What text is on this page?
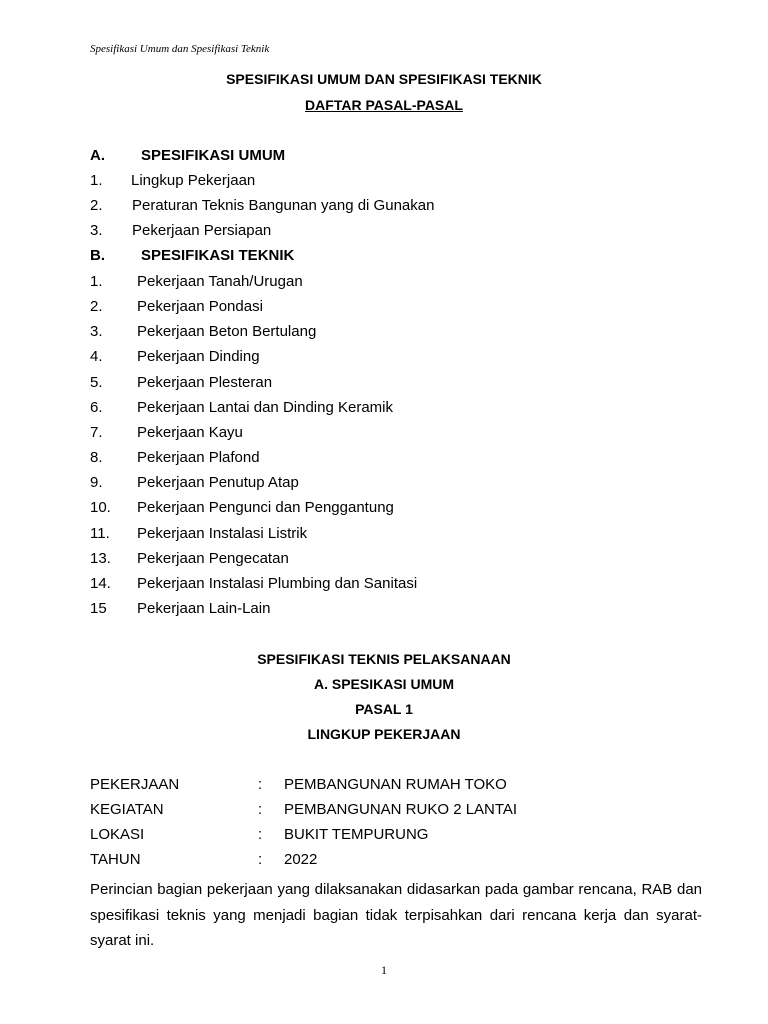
Spesifikasi Umum dan Spesifikasi Teknik
SPESIFIKASI UMUM DAN SPESIFIKASI TEKNIK
DAFTAR PASAL-PASAL
A. SPESIFIKASI UMUM
1. Lingkup Pekerjaan
2. Peraturan Teknis Bangunan yang di Gunakan
3. Pekerjaan Persiapan
B. SPESIFIKASI TEKNIK
1. Pekerjaan Tanah/Urugan
2. Pekerjaan Pondasi
3. Pekerjaan Beton Bertulang
4. Pekerjaan Dinding
5. Pekerjaan Plesteran
6. Pekerjaan Lantai dan Dinding Keramik
7. Pekerjaan Kayu
8. Pekerjaan Plafond
9. Pekerjaan Penutup Atap
10. Pekerjaan Pengunci dan Penggantung
11. Pekerjaan Instalasi Listrik
13. Pekerjaan Pengecatan
14. Pekerjaan Instalasi Plumbing dan Sanitasi
15 Pekerjaan Lain-Lain
SPESIFIKASI TEKNIS PELAKSANAAN
A. SPESIKASI UMUM
PASAL 1
LINGKUP PEKERJAAN
PEKERJAAN	: PEMBANGUNAN RUMAH TOKO
KEGIATAN	: PEMBANGUNAN RUKO 2 LANTAI
LOKASI	: BUKIT TEMPURUNG
TAHUN	: 2022
Perincian bagian pekerjaan yang dilaksanakan didasarkan pada gambar rencana, RAB dan spesifikasi teknis yang menjadi bagian tidak terpisahkan dari rencana kerja dan syarat-syarat ini.
1
